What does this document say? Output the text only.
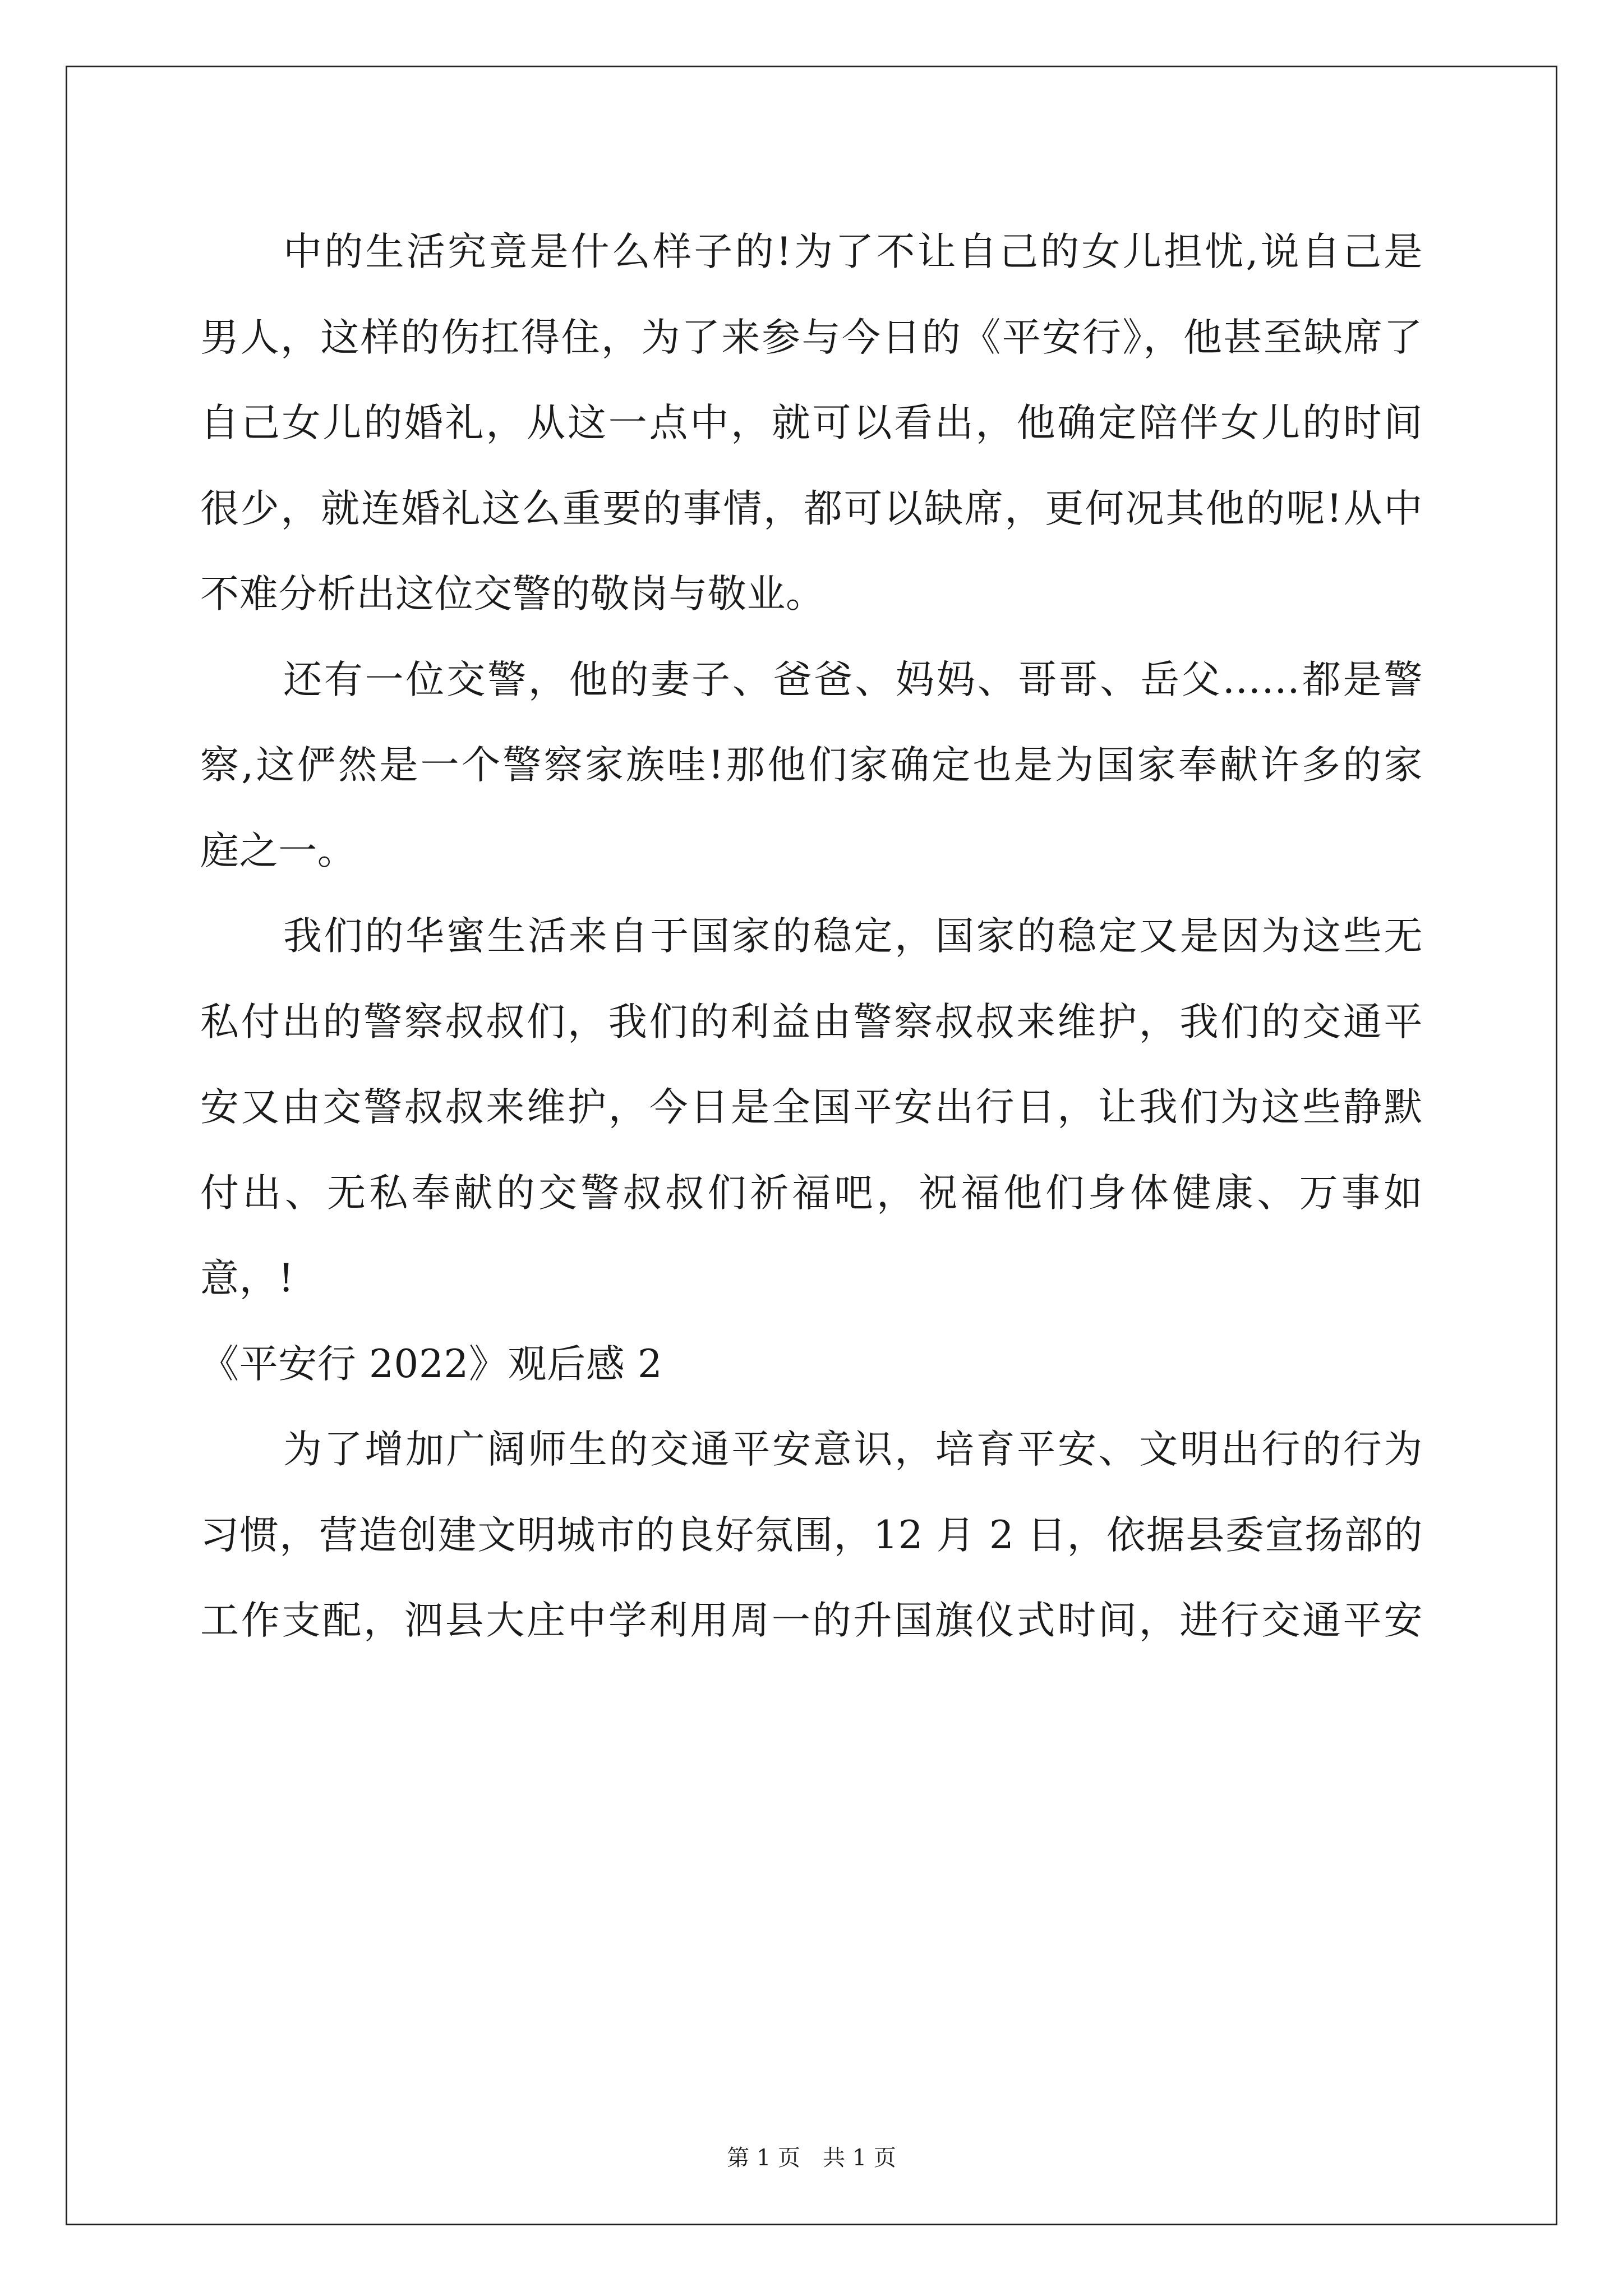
中的生活究竟是什么样子的!为了不让自己的女儿担忧,说自己是
男人，这样的伤扛得住，为了来参与今日的《平安行》，他甚至缺席了
自己女儿的婚礼，从这一点中，就可以看出，他确定陪伴女儿的时间
很少，就连婚礼这么重要的事情，都可以缺席，更何况其他的呢!从中
不难分析出这位交警的敬岗与敬业。
还有一位交警，他的妻子、爸爸、妈妈、哥哥、岳父……都是警
察,这俨然是一个警察家族哇!那他们家确定也是为国家奉献许多的家
庭之一。
我们的华蜜生活来自于国家的稳定，国家的稳定又是因为这些无
私付出的警察叔叔们，我们的利益由警察叔叔来维护，我们的交通平
安又由交警叔叔来维护，今日是全国平安出行日，让我们为这些静默
付出、无私奉献的交警叔叔们祈福吧，祝福他们身体健康、万事如
意，!
《平安行 2022》观后感 2
为了增加广阔师生的交通平安意识，培育平安、文明出行的行为
习惯，营造创建文明城市的良好氛围，12 月 2 日，依据县委宣扬部的
工作支配，泗县大庄中学利用周一的升国旗仪式时间，进行交通平安
第 1 页　共 1 页
